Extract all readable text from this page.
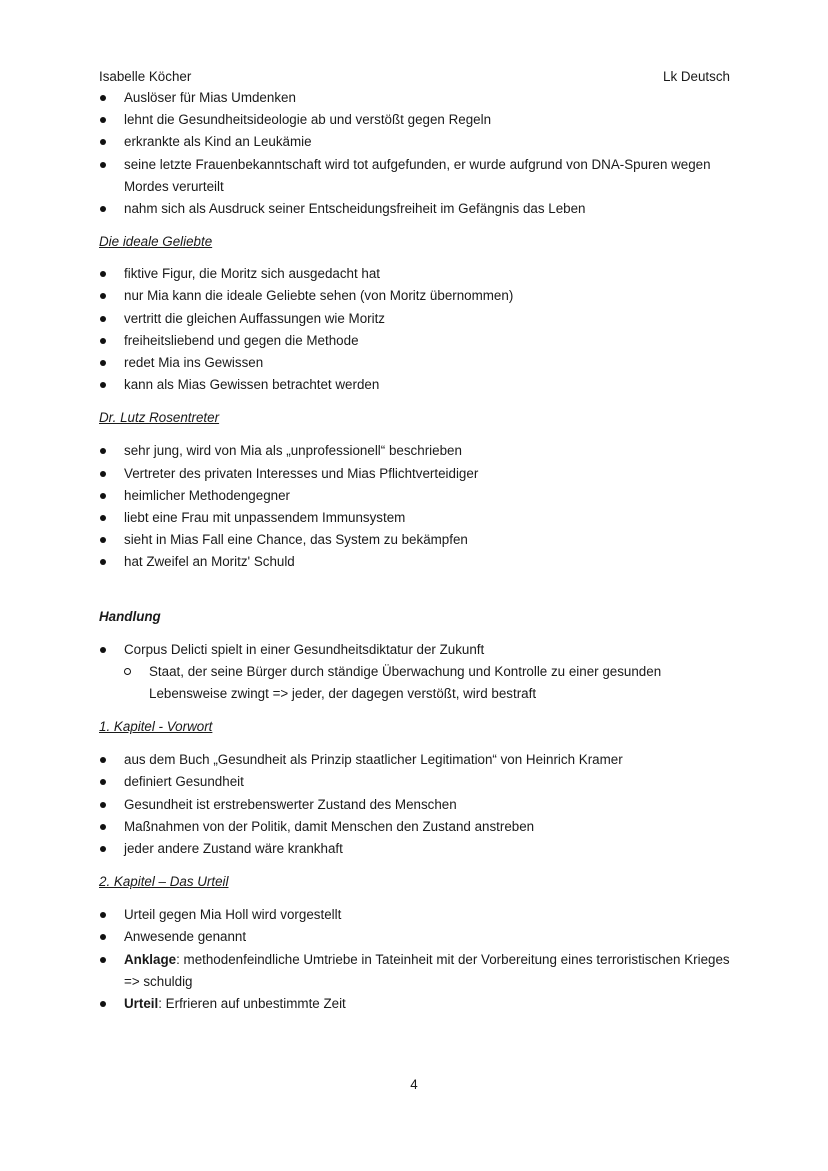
Isabelle Köcher	Lk Deutsch
Auslöser für Mias Umdenken
lehnt die Gesundheitsideologie ab und verstößt gegen Regeln
erkrankte als Kind an Leukämie
seine letzte Frauenbekanntschaft wird tot aufgefunden, er wurde aufgrund von DNA-Spuren wegen Mordes verurteilt
nahm sich als Ausdruck seiner Entscheidungsfreiheit im Gefängnis das Leben
Die ideale Geliebte
fiktive Figur, die Moritz sich ausgedacht hat
nur Mia kann die ideale Geliebte sehen (von Moritz übernommen)
vertritt die gleichen Auffassungen wie Moritz
freiheitsliebend und gegen die Methode
redet Mia ins Gewissen
kann als Mias Gewissen betrachtet werden
Dr. Lutz Rosentreter
sehr jung, wird von Mia als „unprofessionell“ beschrieben
Vertreter des privaten Interesses und Mias Pflichtverteidiger
heimlicher Methodengegner
liebt eine Frau mit unpassendem Immunsystem
sieht in Mias Fall eine Chance, das System zu bekämpfen
hat Zweifel an Moritz' Schuld
Handlung
Corpus Delicti spielt in einer Gesundheitsdiktatur der Zukunft
Staat, der seine Bürger durch ständige Überwachung und Kontrolle zu einer gesunden Lebensweise zwingt => jeder, der dagegen verstößt, wird bestraft
1. Kapitel - Vorwort
aus dem Buch „Gesundheit als Prinzip staatlicher Legitimation“ von Heinrich Kramer
definiert Gesundheit
Gesundheit ist erstrebenswerter Zustand des Menschen
Maßnahmen von der Politik, damit Menschen den Zustand anstreben
jeder andere Zustand wäre krankhaft
2. Kapitel – Das Urteil
Urteil gegen Mia Holl wird vorgestellt
Anwesende genannt
Anklage: methodenfeindliche Umtriebe in Tateinheit mit der Vorbereitung eines terroristischen Krieges => schuldig
Urteil: Erfrieren auf unbestimmte Zeit
4
